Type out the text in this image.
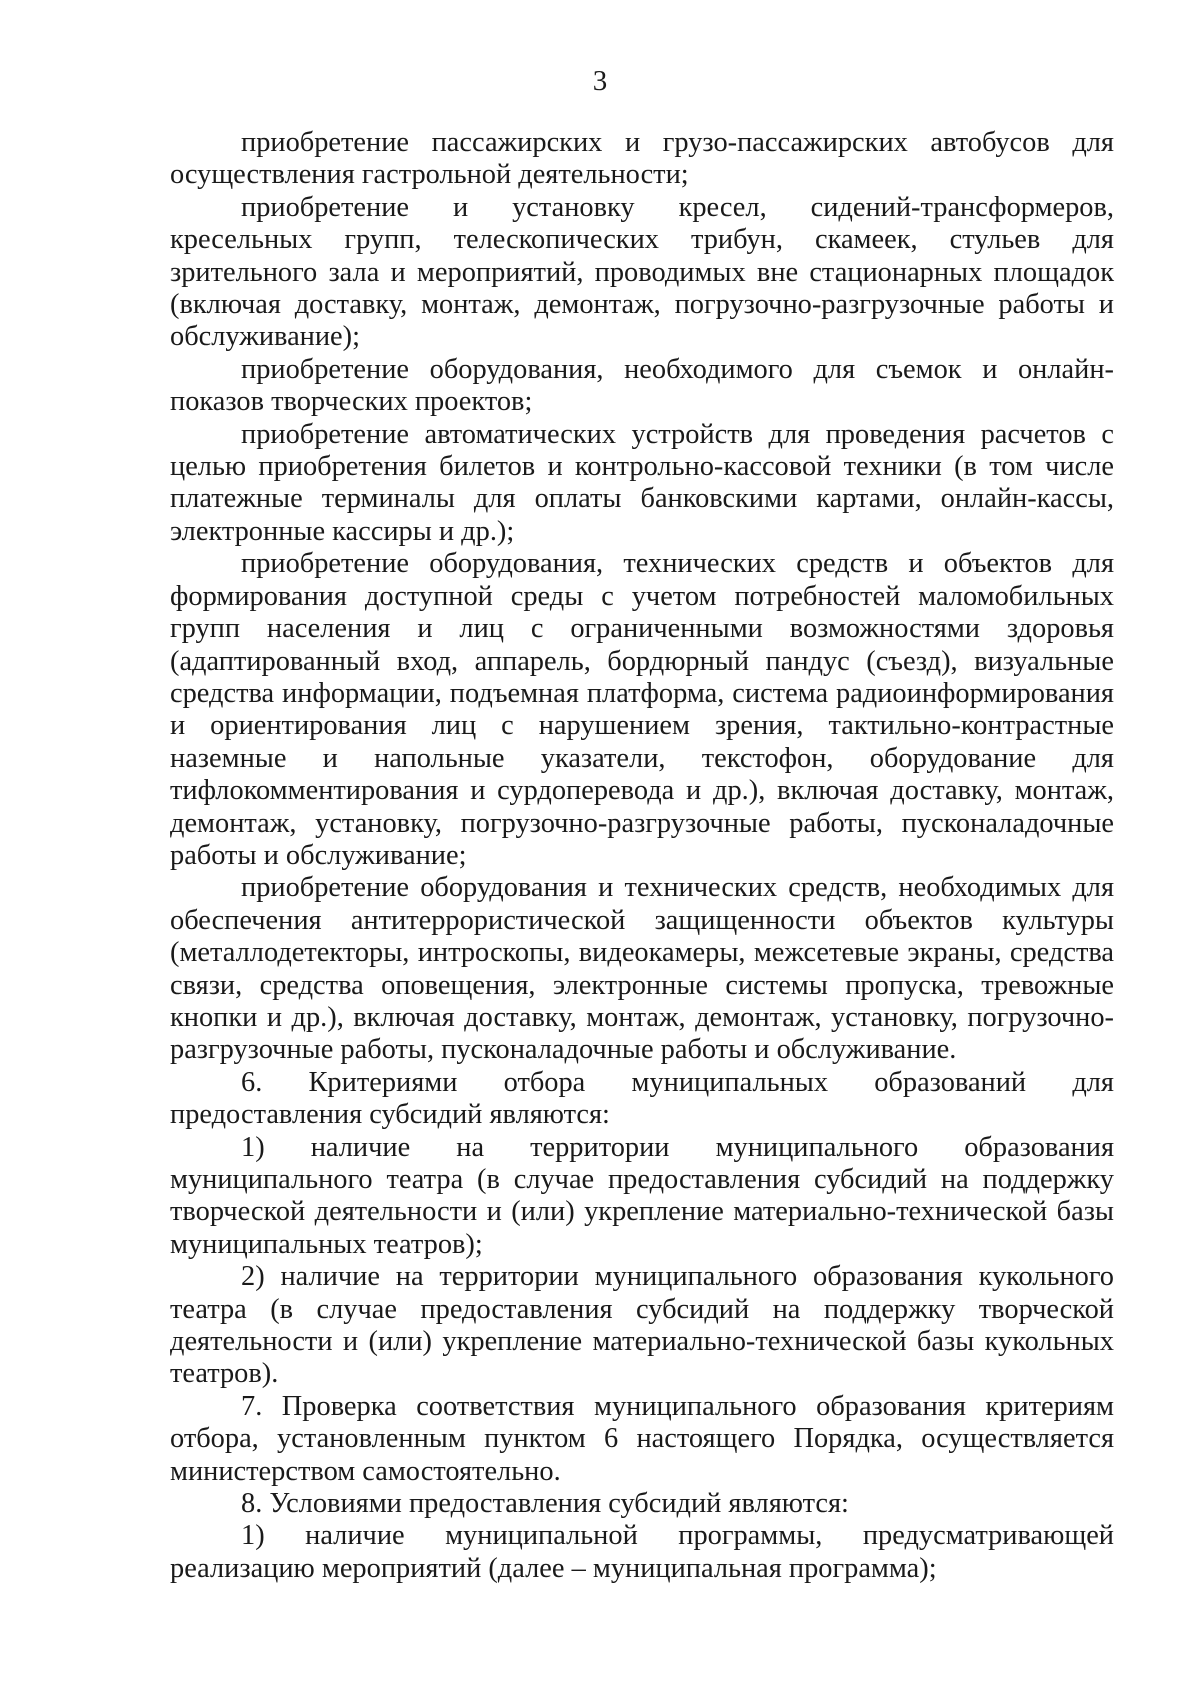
3

приобретение пассажирских и грузо-пассажирских автобусов для осуществления гастрольной деятельности;

приобретение и установку кресел, сидений-трансформеров, кресельных групп, телескопических трибун, скамеек, стульев для зрительного зала и мероприятий, проводимых вне стационарных площадок (включая доставку, монтаж, демонтаж, погрузочно-разгрузочные работы и обслуживание);

приобретение оборудования, необходимого для съемок и онлайн-показов творческих проектов;

приобретение автоматических устройств для проведения расчетов с целью приобретения билетов и контрольно-кассовой техники (в том числе платежные терминалы для оплаты банковскими картами, онлайн-кассы, электронные кассиры и др.);

приобретение оборудования, технических средств и объектов для формирования доступной среды с учетом потребностей маломобильных групп населения и лиц с ограниченными возможностями здоровья (адаптированный вход, аппарель, бордюрный пандус (съезд), визуальные средства информации, подъемная платформа, система радиоинформирования и ориентирования лиц с нарушением зрения, тактильно-контрастные наземные и напольные указатели, текстофон, оборудование для тифлокомментирования и сурдоперевода и др.), включая доставку, монтаж, демонтаж, установку, погрузочно-разгрузочные работы, пусконаладочные работы и обслуживание;

приобретение оборудования и технических средств, необходимых для обеспечения антитеррористической защищенности объектов культуры (металлодетекторы, интроскопы, видеокамеры, межсетевые экраны, средства связи, средства оповещения, электронные системы пропуска, тревожные кнопки и др.), включая доставку, монтаж, демонтаж, установку, погрузочно-разгрузочные работы, пусконаладочные работы и обслуживание.

6. Критериями отбора муниципальных образований для предоставления субсидий являются:

1) наличие на территории муниципального образования муниципального театра (в случае предоставления субсидий на поддержку творческой деятельности и (или) укрепление материально-технической базы муниципальных театров);

2) наличие на территории муниципального образования кукольного театра (в случае предоставления субсидий на поддержку творческой деятельности и (или) укрепление материально-технической базы кукольных театров).

7. Проверка соответствия муниципального образования критериям отбора, установленным пунктом 6 настоящего Порядка, осуществляется министерством самостоятельно.

8. Условиями предоставления субсидий являются:

1) наличие муниципальной программы, предусматривающей реализацию мероприятий (далее – муниципальная программа);
